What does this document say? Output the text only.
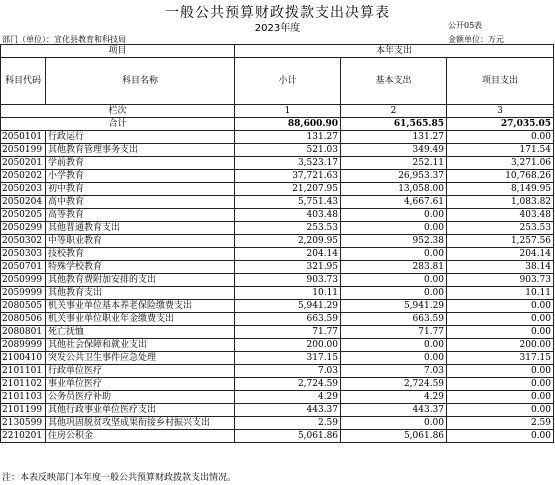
一般公共预算财政拨款支出决算表
2023年度	公开05表
部门（单位）：宣化县教育和科技局	金额单位：万元
项目		本年支出		
科目代码	科目名称	小计	基本支出	项目支出
栏次		1	2	3
合计		88,600.90	61,565.85	27,035.05
2050101	行政运行	131.27	131.27	0.00
2050199	其他教育管理事务支出	521.03	349.49	171.54
2050201	学前教育	3,523.17	252.11	3,271.06
2050202	小学教育	37,721.63	26,953.37	10,768.26
2050203	初中教育	21,207.95	13,058.00	8,149.95
2050204	高中教育	5,751.43	4,667.61	1,083.82
2050205	高等教育	403.48	0.00	403.48
2050299	其他普通教育支出	253.53	0.00	253.53
2050302	中等职业教育	2,209.95	952.38	1,257.56
2050303	技校教育	204.14	0.00	204.14
2050701	特殊学校教育	321.95	283.81	38.14
2050999	其他教育费附加安排的支出	903.73	0.00	903.73
2059999	其他教育支出	10.11	0.00	10.11
2080505	机关事业单位基本养老保险缴费支出	5,941.29	5,941.29	0.00
2080506	机关事业单位职业年金缴费支出	663.59	663.59	0.00
2080801	死亡抚恤	71.77	71.77	0.00
2089999	其他社会保障和就业支出	200.00	0.00	200.00
2100410	突发公共卫生事件应急处理	317.15	0.00	317.15
2101101	行政单位医疗	7.03	7.03	0.00
2101102	事业单位医疗	2,724.59	2,724.59	0.00
2101103	公务员医疗补助	4.29	4.29	0.00
2101199	其他行政事业单位医疗支出	443.37	443.37	0.00
2130599	其他巩固脱贫攻坚成果衔接乡村振兴支出	2.59	0.00	2.59
2210201	住房公积金	5,061.86	5,061.86	0.00
注：本表反映部门本年度一般公共预算财政拨款支出情况。
